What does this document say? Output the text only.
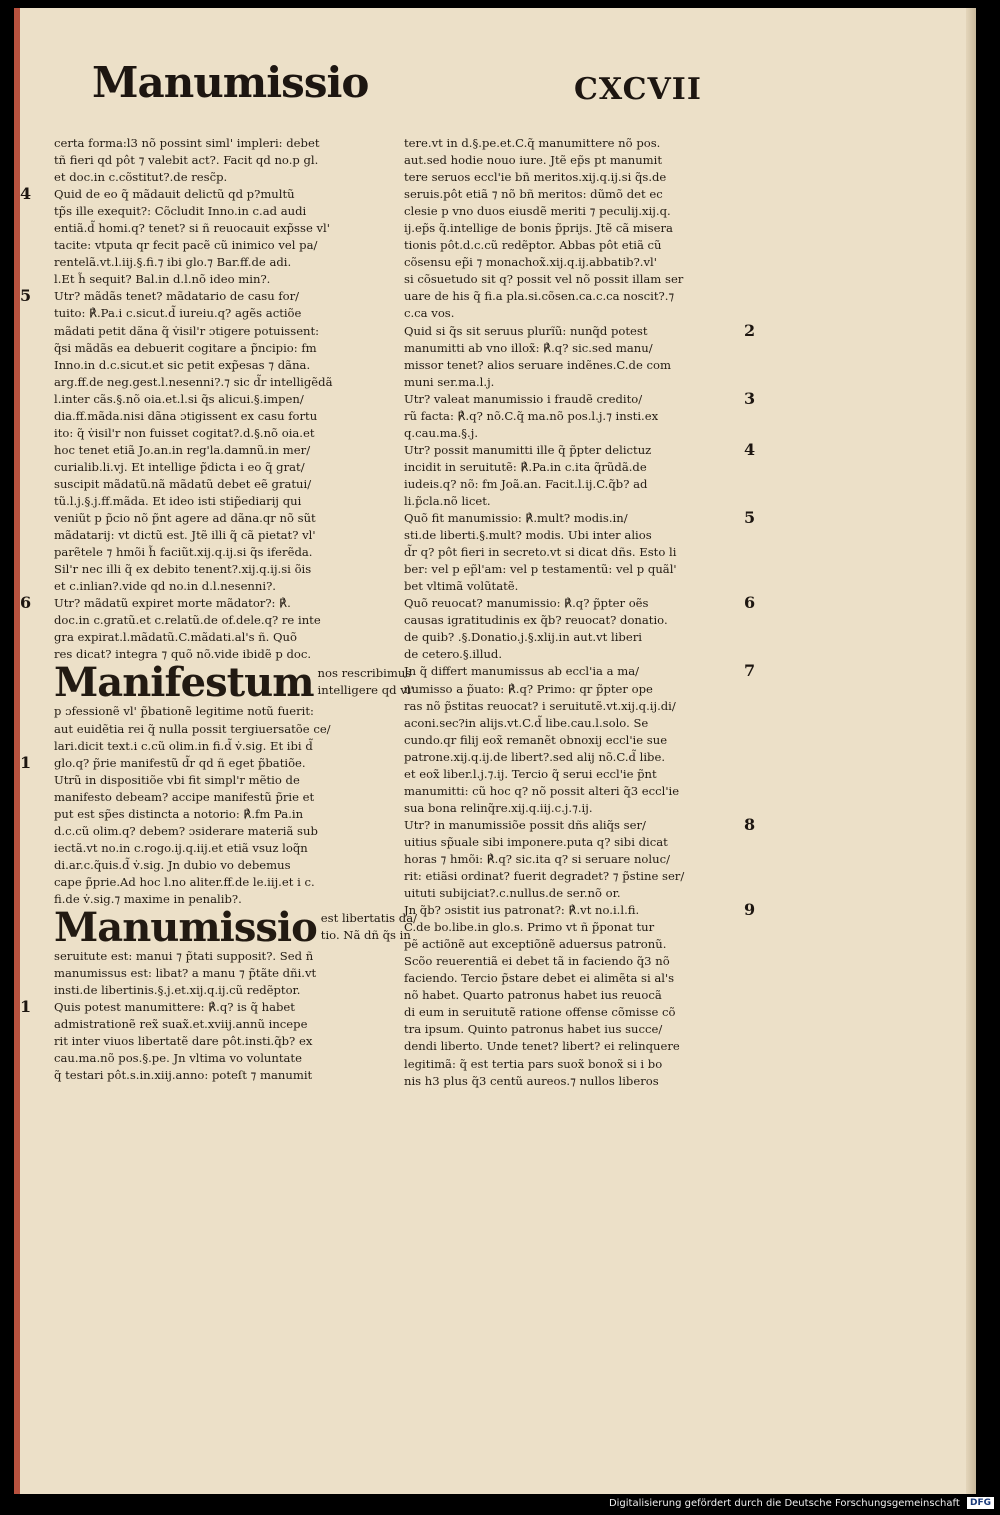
Manumissio	CXCVII
certa forma:l3 nõ possint siml' impleri: debet
tñ fieri qd pôt ⁊ valebit act?. Facit qd no.p gl.
et doc.in c.cõstitut?.de resc̃p.
Quid de eo q̃ mãdauit delictũ qd p?multũ
tp̃s ille exequit?: Cõcludit Inno.in c.ad audi
entiã.d̃ homi.q? tenet? si ñ reuocauit exp̃sse vl'
tacite: vtputa qr fecit pacẽ cũ inimico vel pa/
rentelã.vt.l.iij.§.fi.⁊ ibi glo.⁊ Bar.ff.de adi.
l.Et h̃ sequit? Bal.in d.l.nõ ideo min?.
Utr? mãdãs tenet? mãdatario de casu for/
tuito: ℟.Pa.i c.sicut.d̃ iureiu.q? agẽs actiõe
mãdati petit dãna q̃ v̇isil'r ɔtigere potuissent:
q̃si mãdãs ea debuerit cogitare a p̃ncipio: fm
Inno.in d.c.sicut.et sic petit exp̃esas ⁊ dãna.
arg.ff.de neg.gest.l.nesenni?.⁊ sic d̃r intelligẽdã
l.inter cãs.§.nõ oia.et.l.si q̃s alicui.§.impen/
dia.ff.mãda.nisi dãna ɔtigissent ex casu fortu
ito: q̃ v̇isil'r non fuisset cogitat?.d.§.nõ oia.et
hoc tenet etiã Jo.an.in reg'la.damnũ.in mer/
curialib.li.vj. Et intellige p̃dicta i eo q̃ grat/
suscipit mãdatũ.nã mãdatũ debet eẽ gratui/
tũ.l.j.§.j.ff.mãda. Et ideo isti stip̃ediarij qui
veniũt p p̃cio nõ p̃nt agere ad dãna.qr nõ sũt
mãdatarij: vt dictũ est. Jtẽ illi q̃ cã pietat? vl'
parẽtele ⁊ hmõi h̃ faciũt.xij.q.ij.si q̃s iferẽda.
Sil'r nec illi q̃ ex debito tenent?.xij.q.ij.si õis
et c.inlian?.vide qd no.in d.l.nesenni?.
Utr? mãdatũ expiret morte mãdator?: ℟.
doc.in c.gratũ.et c.relatũ.de of.dele.q? re inte
gra expirat.l.mãdatũ.C.mãdati.al's ñ. Quõ
res dicat? integra ⁊ quõ nõ.vide ibidẽ p doc.
Manifestum nos rescribimus
intelligere qd vl'
p ɔfessionẽ vl' p̃bationẽ legitime notũ fuerit:
aut euidẽtia rei q̃ nulla possit tergiuersatõe ce/
lari.dicit text.i c.cũ olim.in fi.d̃ v̇.sig. Et ibi d̃
glo.q? p̃rie manifestũ d̃r qd ñ eget p̃batiõe.
Utrũ in dispositiõe vbi fit simpl'r mẽtio de
manifesto debeam? accipe manifestũ p̃rie et
put est sp̃es distincta a notorio: ℟.fm Pa.in
d.c.cũ olim.q? debem? ɔsiderare materiã sub
iectã.vt no.in c.rogo.ij.q.iij.et etiã vsuz loq̃n
di.ar.c.q̃uis.d̃ v̇.sig. Jn dubio vo debemus
cape p̃prie.Ad hoc l.no aliter.ff.de le.iij.et i c.
fi.de v̇.sig.⁊ maxime in penalib?.
Manumissio est libertatis da/
tio. Nã dñ q̃s in
seruitute est: manui ⁊ p̃tati supposit?. Sed ñ
manumissus est: libat? a manu ⁊ p̃tãte dñi.vt
insti.de libertinis.§.j.et.xij.q.ij.cũ redẽptor.
Quis potest manumittere: ℟.q? is q̃ habet
admistrationẽ rex̃ suax̃.et.xviij.annũ incepe
rit inter viuos libertatẽ dare pôt.insti.q̃b? ex
cau.ma.nõ pos.§.pe. Jn vltima vo voluntate
q̃ testari pôt.s.in.xiij.anno: poteſt ⁊ manumit
tere.vt in d.§.pe.et.C.q̃ manumittere nõ pos.
aut.sed hodie nouo iure. Jtẽ ep̃s pt manumit
tere seruos eccl'ie bñ meritos.xij.q.ij.si q̃s.de
seruis.pôt etiã ⁊ nõ bñ meritos: dũmõ det ec
clesie p vno duos eiusdẽ meriti ⁊ peculij.xij.q.
ij.ep̃s q̃.intellige de bonis p̃prijs. Jtẽ cã misera
tionis pôt.d.c.cũ redẽptor. Abbas pôt etiã cũ
cõsensu ep̃i ⁊ monachox̃.xij.q.ij.abbatib?.vl'
si cõsuetudo sit q? possit vel nõ possit illam ser
uare de his q̃ fi.a pla.si.cõsen.ca.c.ca noscit?.⁊
c.ca vos.
Quid si q̃s sit seruus plurĩũ: nunq̃d potest
manumitti ab vno illox̃: ℟.q? sic.sed manu/
missor tenet? alios seruare indẽnes.C.de com
muni ser.ma.l.j.
Utr? valeat manumissio i fraudẽ credito/
rũ facta: ℟.q? nõ.C.q̃ ma.nõ pos.l.j.⁊ insti.ex
q.cau.ma.§.j.
Utr? possit manumitti ille q̃ p̃pter delictuz
incidit in seruitutẽ: ℟.Pa.in c.ita q̃rũdã.de
iudeis.q? nõ: fm Joã.an. Facit.l.ij.C.q̃b? ad
li.p̃cla.nõ licet.
Quõ fit manumissio: ℟.mult? modis.in/
sti.de liberti.§.mult? modis. Ubi inter alios
d̃r q? pôt fieri in secreto.vt si dicat dñs. Esto li
ber: vel p ep̃l'am: vel p testamentũ: vel p quãl'
bet vltimã volũtatẽ.
Quõ reuocat? manumissio: ℟.q? p̃pter oẽs
causas igratitudinis ex q̃b? reuocat? donatio.
de quib? .§.Donatio.j.§.xlij.in aut.vt liberi
de cetero.§.illud.
Jn q̃ differt manumissus ab eccl'ia a ma/
numisso a p̃uato: ℟.q? Primo: qr p̃pter ope
ras nõ p̃stitas reuocat? i seruitutẽ.vt.xij.q.ij.di/
aconi.sec?in alijs.vt.C.d̃ libe.cau.l.solo. Se
cundo.qr filij eox̃ remanẽt obnoxij eccl'ie sue
patrone.xij.q.ij.de libert?.sed alij nõ.C.d̃ libe.
et eox̃ liber.l.j.⁊.ij. Tercio q̃ serui eccl'ie p̃nt
manumitti: cũ hoc q? nõ possit alteri q̃3 eccl'ie
sua bona relinq̃re.xij.q.iij.c.j.⁊.ij.
Utr? in manumissiõe possit dñs aliq̃s ser/
uitius sp̃uale sibi imponere.puta q? sibi dicat
horas ⁊ hmõi: ℟.q? sic.ita q? si seruare noluc/
rit: etiãsi ordinat? fuerit degradet? ⁊ p̃stine ser/
uituti subijciat?.c.nullus.de ser.nõ or.
Jn q̃b? ɔsistit ius patronat?: ℟.vt no.i.l.fi.
C.de bo.libe.in glo.s. Primo vt ñ p̃ponat tur
pẽ actiõnẽ aut exceptiõnẽ aduersus patronũ.
Scõo reuerentiã ei debet tã in faciendo q̃3 nõ
faciendo. Tercio p̃stare debet ei alimẽta si al's
nõ habet. Quarto patronus habet ius reuocã
di eum in seruitutẽ ratione offense cõmisse cõ
tra ipsum. Quinto patronus habet ius succe/
dendi liberto. Unde tenet? libert? ei relinquere
legitimã: q̃ est tertia pars suox̃ bonox̃ si i bo
nis h3 plus q̃3 centũ aureos.⁊ nullos liberos
4
5
6
1
1
2
3
4
5
6
7
8
9
Digitalisierung gefördert durch die Deutsche Forschungsgemeinschaft DFG
